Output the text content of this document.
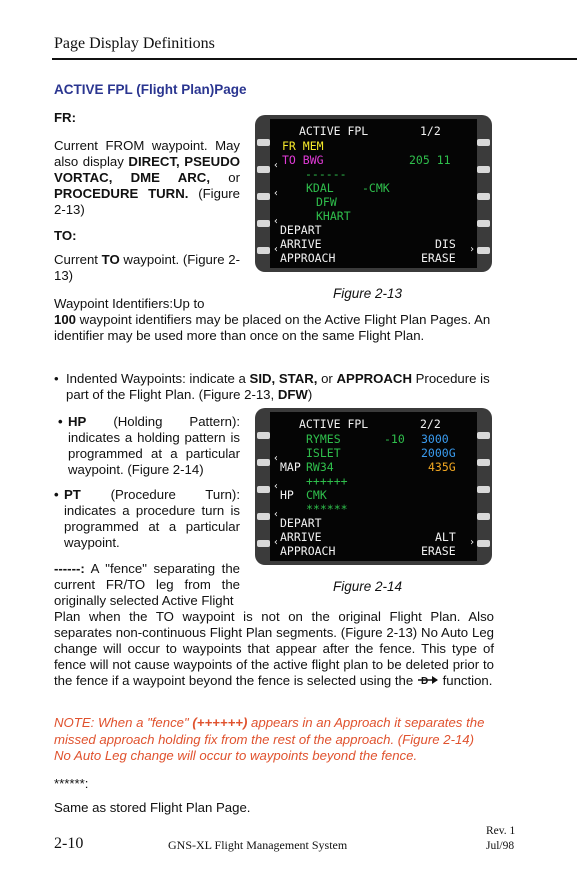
Page Display Definitions
ACTIVE FPL (Flight Plan)Page
FR:
Current FROM waypoint. May also display DIRECT, PSEUDO VORTAC, DME ARC, or PROCEDURE TURN. (Figure 2-13)
TO:
Current TO waypoint. (Figure 2-13)
Waypoint Identifiers:Up to
100 waypoint identifiers may be placed on the Active Flight Plan Pages. An identifier may be used more than once on the same Flight Plan.
• Indented Waypoints: indicate a SID, STAR, or APPROACH Procedure is part of the Flight Plan. (Figure 2-13, DFW)
• HP (Holding Pattern): indicates a holding pattern is programmed at a particular waypoint. (Figure 2-14)
• PT (Procedure Turn): indicates a procedure turn is programmed at a particular waypoint.
------: A "fence" separating the current FR/TO leg from the originally selected Active Flight
Plan when the TO waypoint is not on the original Flight Plan. Also separates non-continuous Flight Plan segments. (Figure 2-13) No Auto Leg change will occur to waypoints that appear after the fence. This type of fence will not cause waypoints of the active flight plan to be deleted prior to the fence if a waypoint beyond the fence is selected using the D function.
NOTE: When a "fence" (++++++) appears in an Approach it separates the missed approach holding fix from the rest of the approach. (Figure 2-14) No Auto Leg change will occur to waypoints beyond the fence.
******:
Same as stored Flight Plan Page.
ACTIVE FPL	1/2
FR MEM
TO BWG	205 11
‹
------
KDAL -CMK
‹
DFW
KHART
‹
DEPART
ARRIVE	DIS
‹	›
APPROACH	ERASE
Figure 2-13
ACTIVE FPL	2/2
RYMES	-10 3000
ISLET	2000G
‹
MAP RW34	435G
++++++
‹
HP CMK
******
‹
DEPART
ARRIVE	ALT
‹	›
APPROACH	ERASE
Figure 2-14
2-10	GNS-XL Flight Management System
Rev. 1
Jul/98
